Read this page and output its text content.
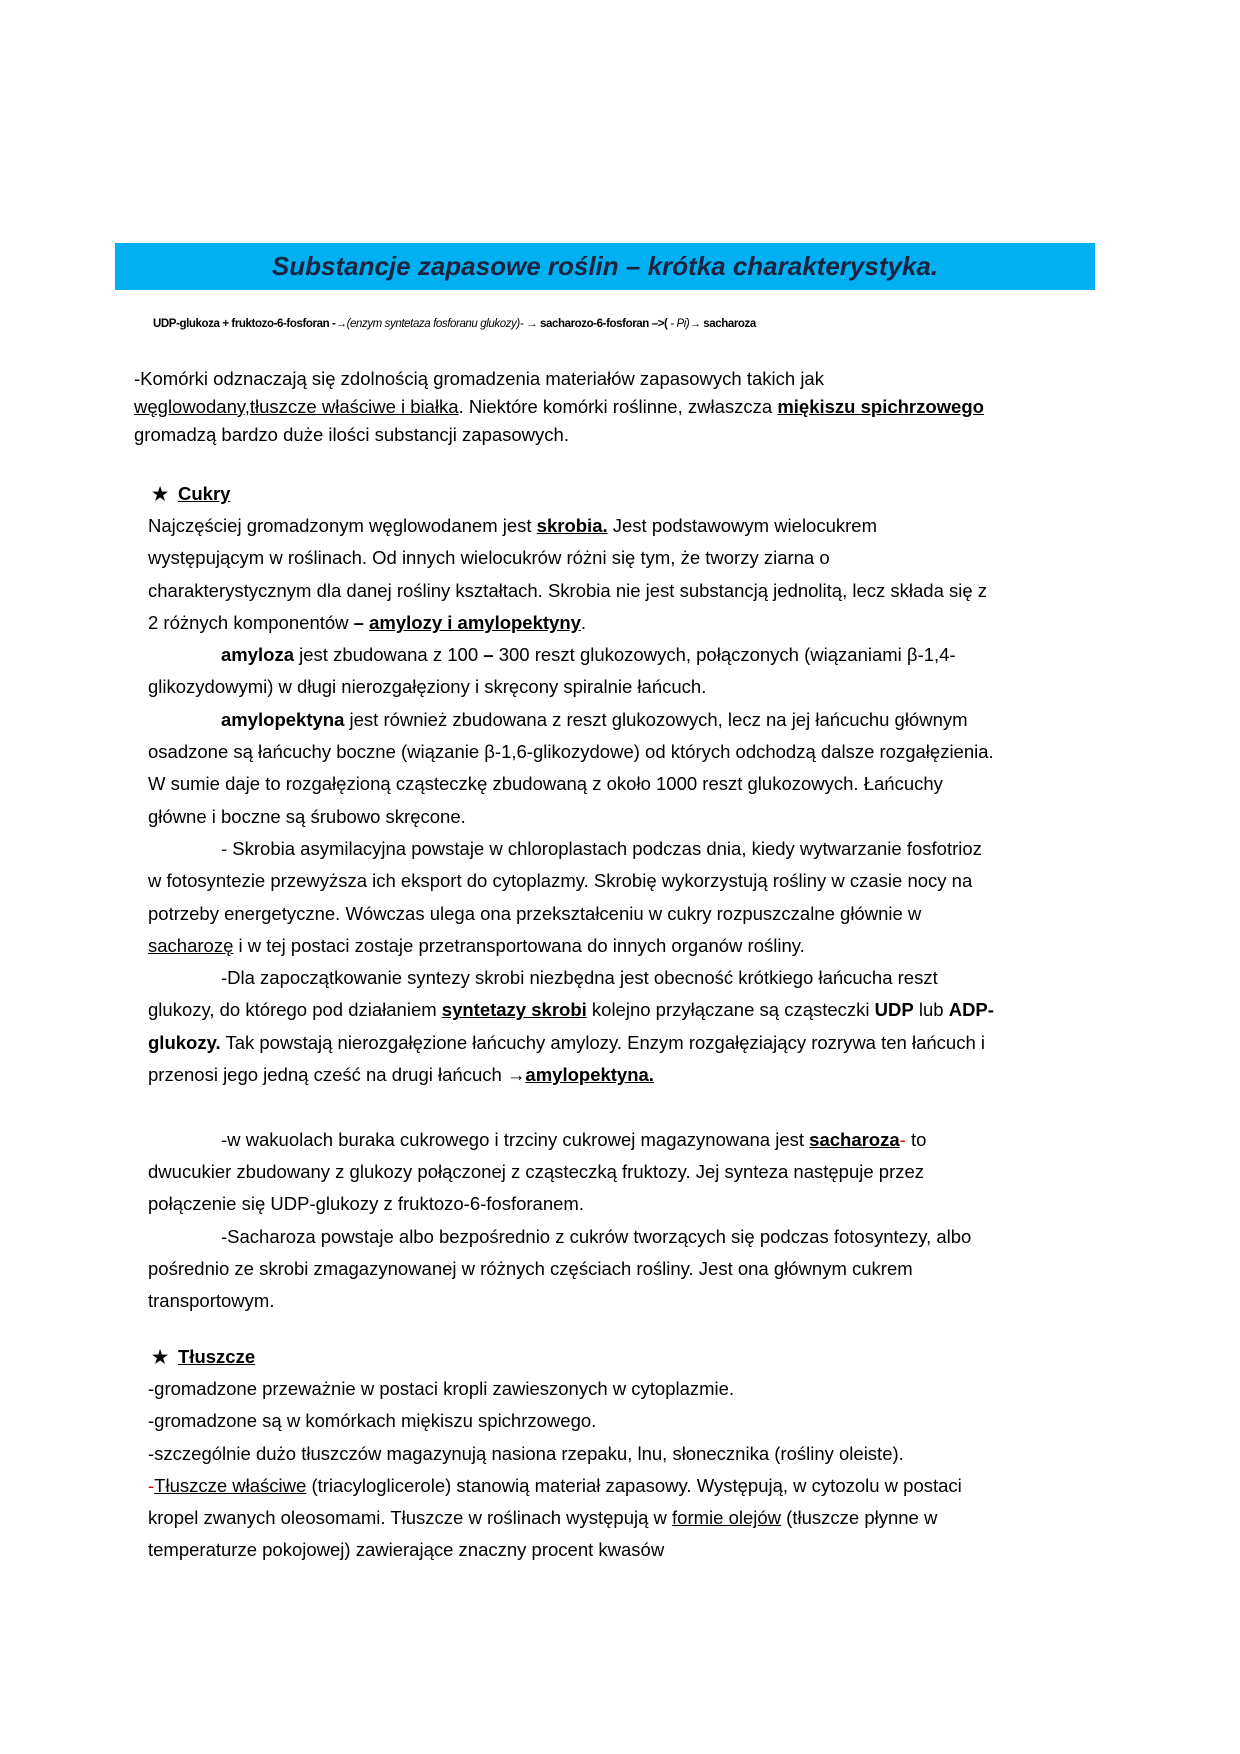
Substancje zapasowe roślin – krótka charakterystyka.
UDP-glukoza + fruktozo-6-fosforan -→(enzym syntetaza fosforanu glukozy)- → sacharozo-6-fosforan –>( - Pi)→ sacharoza
-Komórki odznaczają się zdolnością gromadzenia materiałów zapasowych takich jak
węglowodany,tłuszcze właściwe i białka. Niektóre komórki roślinne, zwłaszcza miękiszu spichrzowego
gromadzą bardzo duże ilości substancji zapasowych.
★ Cukry
Najczęściej gromadzonym węglowodanem jest skrobia. Jest podstawowym wielocukrem
występującym w roślinach. Od innych wielocukrów różni się tym, że tworzy ziarna o
charakterystycznym dla danej rośliny kształtach. Skrobia nie jest substancją jednolitą, lecz składa się z
2 różnych komponentów – amylozy i amylopektyny.
amyloza jest zbudowana z 100 – 300 reszt glukozowych, połączonych (wiązaniami β-1,4-
glikozydowymi) w długi nierozgałęziony i skręcony spiralnie łańcuch.
amylopektyna jest również zbudowana z reszt glukozowych, lecz na jej łańcuchu głównym
osadzone są łańcuchy boczne (wiązanie β-1,6-glikozydowe) od których odchodzą dalsze rozgałęzienia.
W sumie daje to rozgałęzioną cząsteczkę zbudowaną z około 1000 reszt glukozowych. Łańcuchy
główne i boczne są śrubowo skręcone.
- Skrobia asymilacyjna powstaje w chloroplastach podczas dnia, kiedy wytwarzanie fosfotrioz
w fotosyntezie przewyższa ich eksport do cytoplazmy. Skrobię wykorzystują rośliny w czasie nocy na
potrzeby energetyczne. Wówczas ulega ona przekształceniu w cukry rozpuszczalne głównie w
sacharozę i w tej postaci zostaje przetransportowana do innych organów rośliny.
-Dla zapoczątkowanie syntezy skrobi niezbędna jest obecność krótkiego łańcucha reszt
glukozy, do którego pod działaniem syntetazy skrobi kolejno przyłączane są cząsteczki UDP lub ADP-
glukozy. Tak powstają nierozgałęzione łańcuchy amylozy. Enzym rozgałęziający rozrywa ten łańcuch i
przenosi jego jedną cześć na drugi łańcuch →amylopektyna.
-w wakuolach buraka cukrowego i trzciny cukrowej magazynowana jest sacharoza- to
dwucukier zbudowany z glukozy połączonej z cząsteczką fruktozy. Jej synteza następuje przez
połączenie się UDP-glukozy z fruktozo-6-fosforanem.
-Sacharoza powstaje albo bezpośrednio z cukrów tworzących się podczas fotosyntezy, albo
pośrednio ze skrobi zmagazynowanej w różnych częściach rośliny. Jest ona głównym cukrem
transportowym.
★ Tłuszcze
-gromadzone przeważnie w postaci kropli zawieszonych w cytoplazmie.
-gromadzone są w komórkach miękiszu spichrzowego.
-szczególnie dużo tłuszczów magazynują nasiona rzepaku, lnu, słonecznika (rośliny oleiste).
-Tłuszcze właściwe (triacyloglicerole) stanowią materiał zapasowy. Występują, w cytozolu w postaci
kropel zwanych oleosomami. Tłuszcze w roślinach występują w formie olejów (tłuszcze płynne w
temperaturze pokojowej) zawierające znaczny procent kwasów
